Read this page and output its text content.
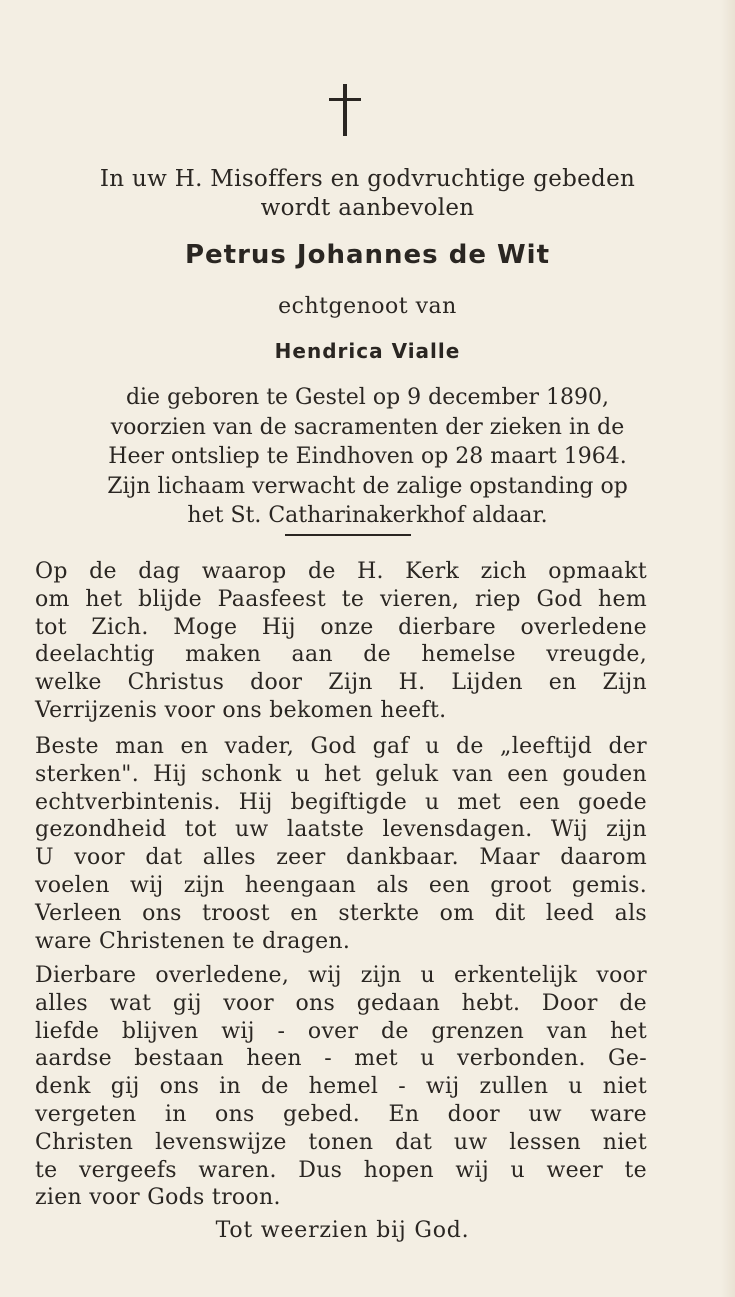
In uw H. Misoffers en godvruchtige gebeden
wordt aanbevolen
Petrus Johannes de Wit
echtgenoot van
Hendrica Vialle
die geboren te Gestel op 9 december 1890,
voorzien van de sacramenten der zieken in de
Heer ontsliep te Eindhoven op 28 maart 1964.
Zijn lichaam verwacht de zalige opstanding op
het St. Catharinakerkhof aldaar.
Op de dag waarop de H. Kerk zich opmaakt
om het blijde Paasfeest te vieren, riep God hem
tot Zich. Moge Hij onze dierbare overledene
deelachtig maken aan de hemelse vreugde,
welke Christus door Zijn H. Lijden en Zijn
Verrijzenis voor ons bekomen heeft.
Beste man en vader, God gaf u de „leeftijd der
sterken". Hij schonk u het geluk van een gouden
echtverbintenis. Hij begiftigde u met een goede
gezondheid tot uw laatste levensdagen. Wij zijn
U voor dat alles zeer dankbaar. Maar daarom
voelen wij zijn heengaan als een groot gemis.
Verleen ons troost en sterkte om dit leed als
ware Christenen te dragen.
Dierbare overledene, wij zijn u erkentelijk voor
alles wat gij voor ons gedaan hebt. Door de
liefde blijven wij - over de grenzen van het
aardse bestaan heen - met u verbonden. Ge-
denk gij ons in de hemel - wij zullen u niet
vergeten in ons gebed. En door uw ware
Christen levenswijze tonen dat uw lessen niet
te vergeefs waren. Dus hopen wij u weer te
zien voor Gods troon.
Tot weerzien bij God.
